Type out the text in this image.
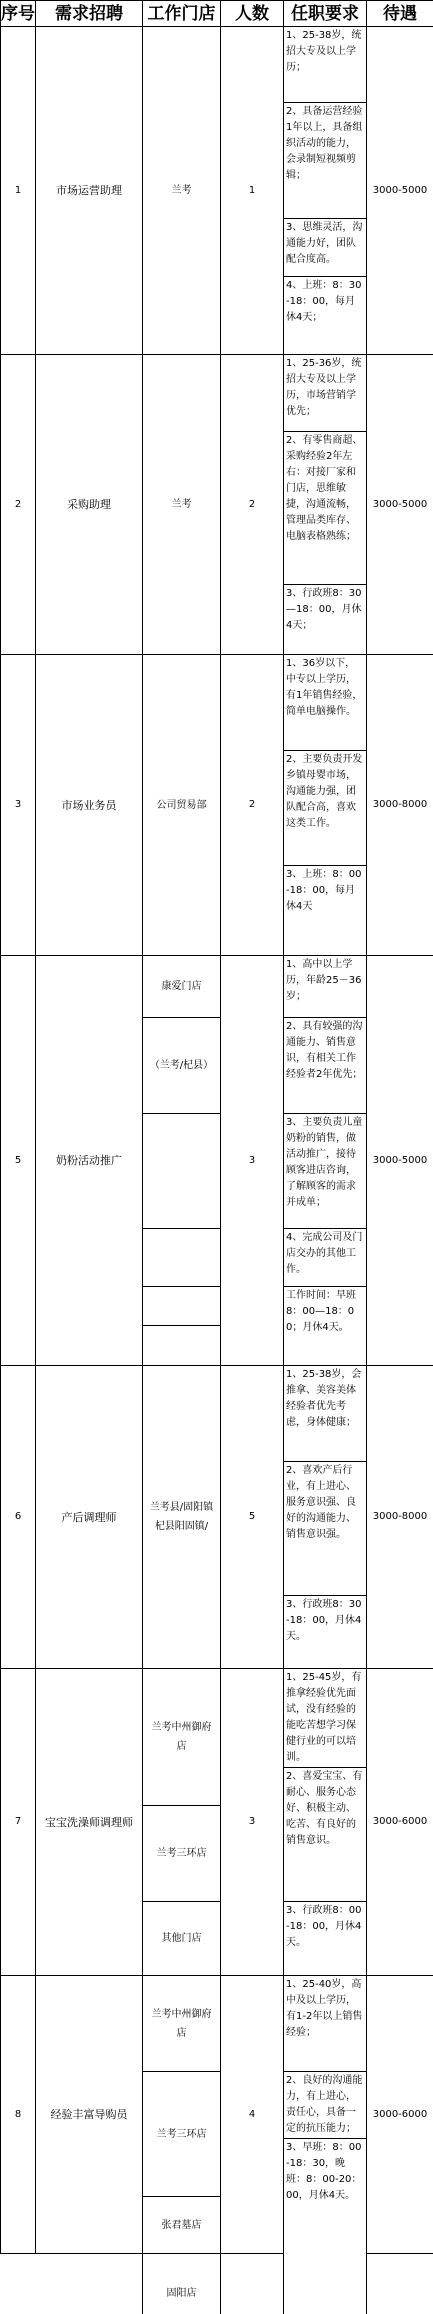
序号	需求招聘	工作门店	人数	任职要求	待遇
1	市场运营助理	兰考	1	1、25-38岁，统招大专及以上学历；	3000-5000
				2、具备运营经验1年以上，具备组织活动的能力，会录制短视频剪辑；	
				3、思维灵活，沟通能力好，团队配合度高。	
				4、上班：8：30-18：00，每月休4天；	
2	采购助理	兰考	2	1、25-36岁，统招大专及以上学历，市场营销学优先；	3000-5000
				2、有零售商超、采购经验2年左右：对接厂家和门店，思维敏捷，沟通流畅，管理品类库存、电脑表格熟练；	
				3、行政班8：30—18：00，月休4天；	
3	市场业务员	公司贸易部	2	1、36岁以下，中专以上学历，有1年销售经验，简单电脑操作。	3000-8000
				2、主要负责开发乡镇母婴市场，沟通能力强，团队配合高，喜欢这类工作。	
				3、上班：8：00-18：00，每月休4天	
5	奶粉活动推广	康爱门店	3	1、高中以上学历，年龄25－36岁；	3000-5000
		（兰考/杞县）		2、具有较强的沟通能力、销售意识，有相关工作经验者2年优先；	
				3、主要负责儿童奶粉的销售，做活动推广，接待顾客进店咨询，了解顾客的需求并成单；	
				4、完成公司及门店交办的其他工作。	
				工作时间：早班8：00—18：00；月休4天。	

6	产后调理师	兰考县/固阳镇 杞县阳固镇/	5	1、25-38岁，会推拿、美容美体经验者优先考虑，身体健康；	3000-8000
				2、喜欢产后行业，有上进心、服务意识强、良好的沟通能力、销售意识强。	
				3、行政班8：30-18：00，月休4天。	
7	宝宝洗澡师调理师	兰考中州御府店	3	1、25-45岁，有推拿经验优先面试，没有经验的能吃苦想学习保健行业的可以培训。	3000-6000
				2、喜爱宝宝、有耐心、服务心态好、积极主动、吃苦、有良好的销售意识。	
		兰考三环店			
		其他门店		3、行政班8：00-18：00，月休4天。	
8	经验丰富导购员	兰考中州御府店	4	1、25-40岁，高中及以上学历，有1-2年以上销售经验；	3000-6000
		兰考三环店		2、良好的沟通能力，有上进心，责任心，具备一定的抗压能力；	
				3、早班：8：00-18：30，晚班：8：00-20：00，月休4天。	
		张君墓店			
		固阳店			
